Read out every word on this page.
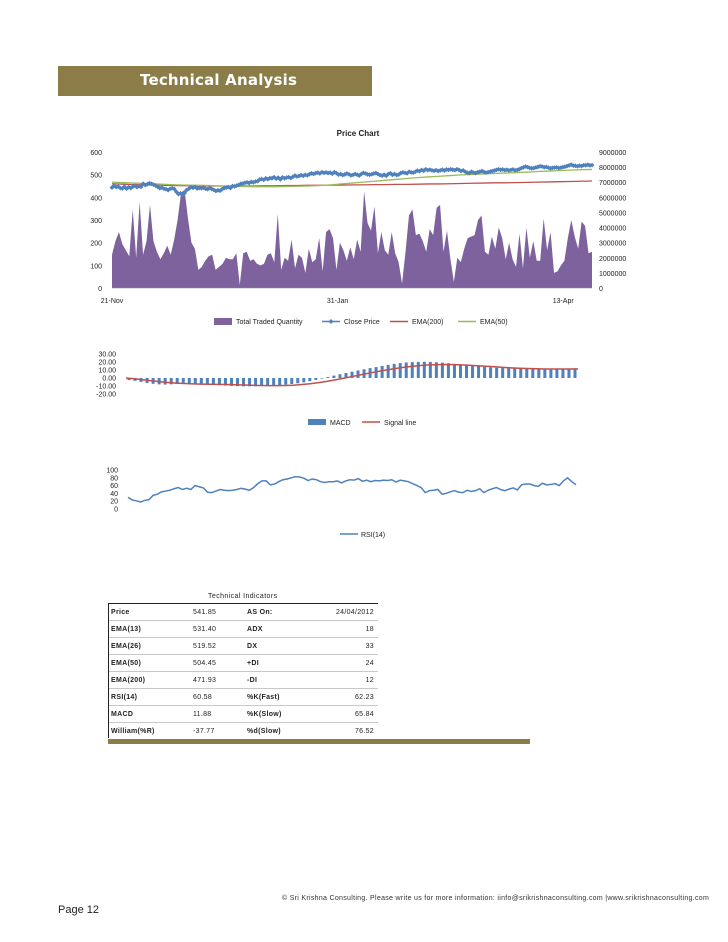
Technical Analysis
Price Chart
0
100
200
300
400
500
600
0
1000000
2000000
3000000
4000000
5000000
6000000
7000000
8000000
9000000
21-Nov	31-Jan	13-Apr
Total Traded Quantity	Close Price	EMA(200)	EMA(50)
30.00
20.00
10.00
0.00
-10.00
-20.00
MACD	Signal line
100
80
60
40
20
0
RSI(14)
Technical Indicators
Price	541.85	AS On:	24/04/2012
EMA(13)	531.40	ADX	18
EMA(26)	519.52	DX	33
EMA(50)	504.45	+DI	24
EMA(200)	471.93	-DI	12
RSI(14)	60.58	%K(Fast)	62.23
MACD	11.88	%K(Slow)	65.84
William(%R)	-37.77	%d(Slow)	76.52
© Sri Krishna Consulting. Please write us for more information: iinfo@srikrishnaconsulting.com |www.srikrishnaconsulting.com
Page 12
